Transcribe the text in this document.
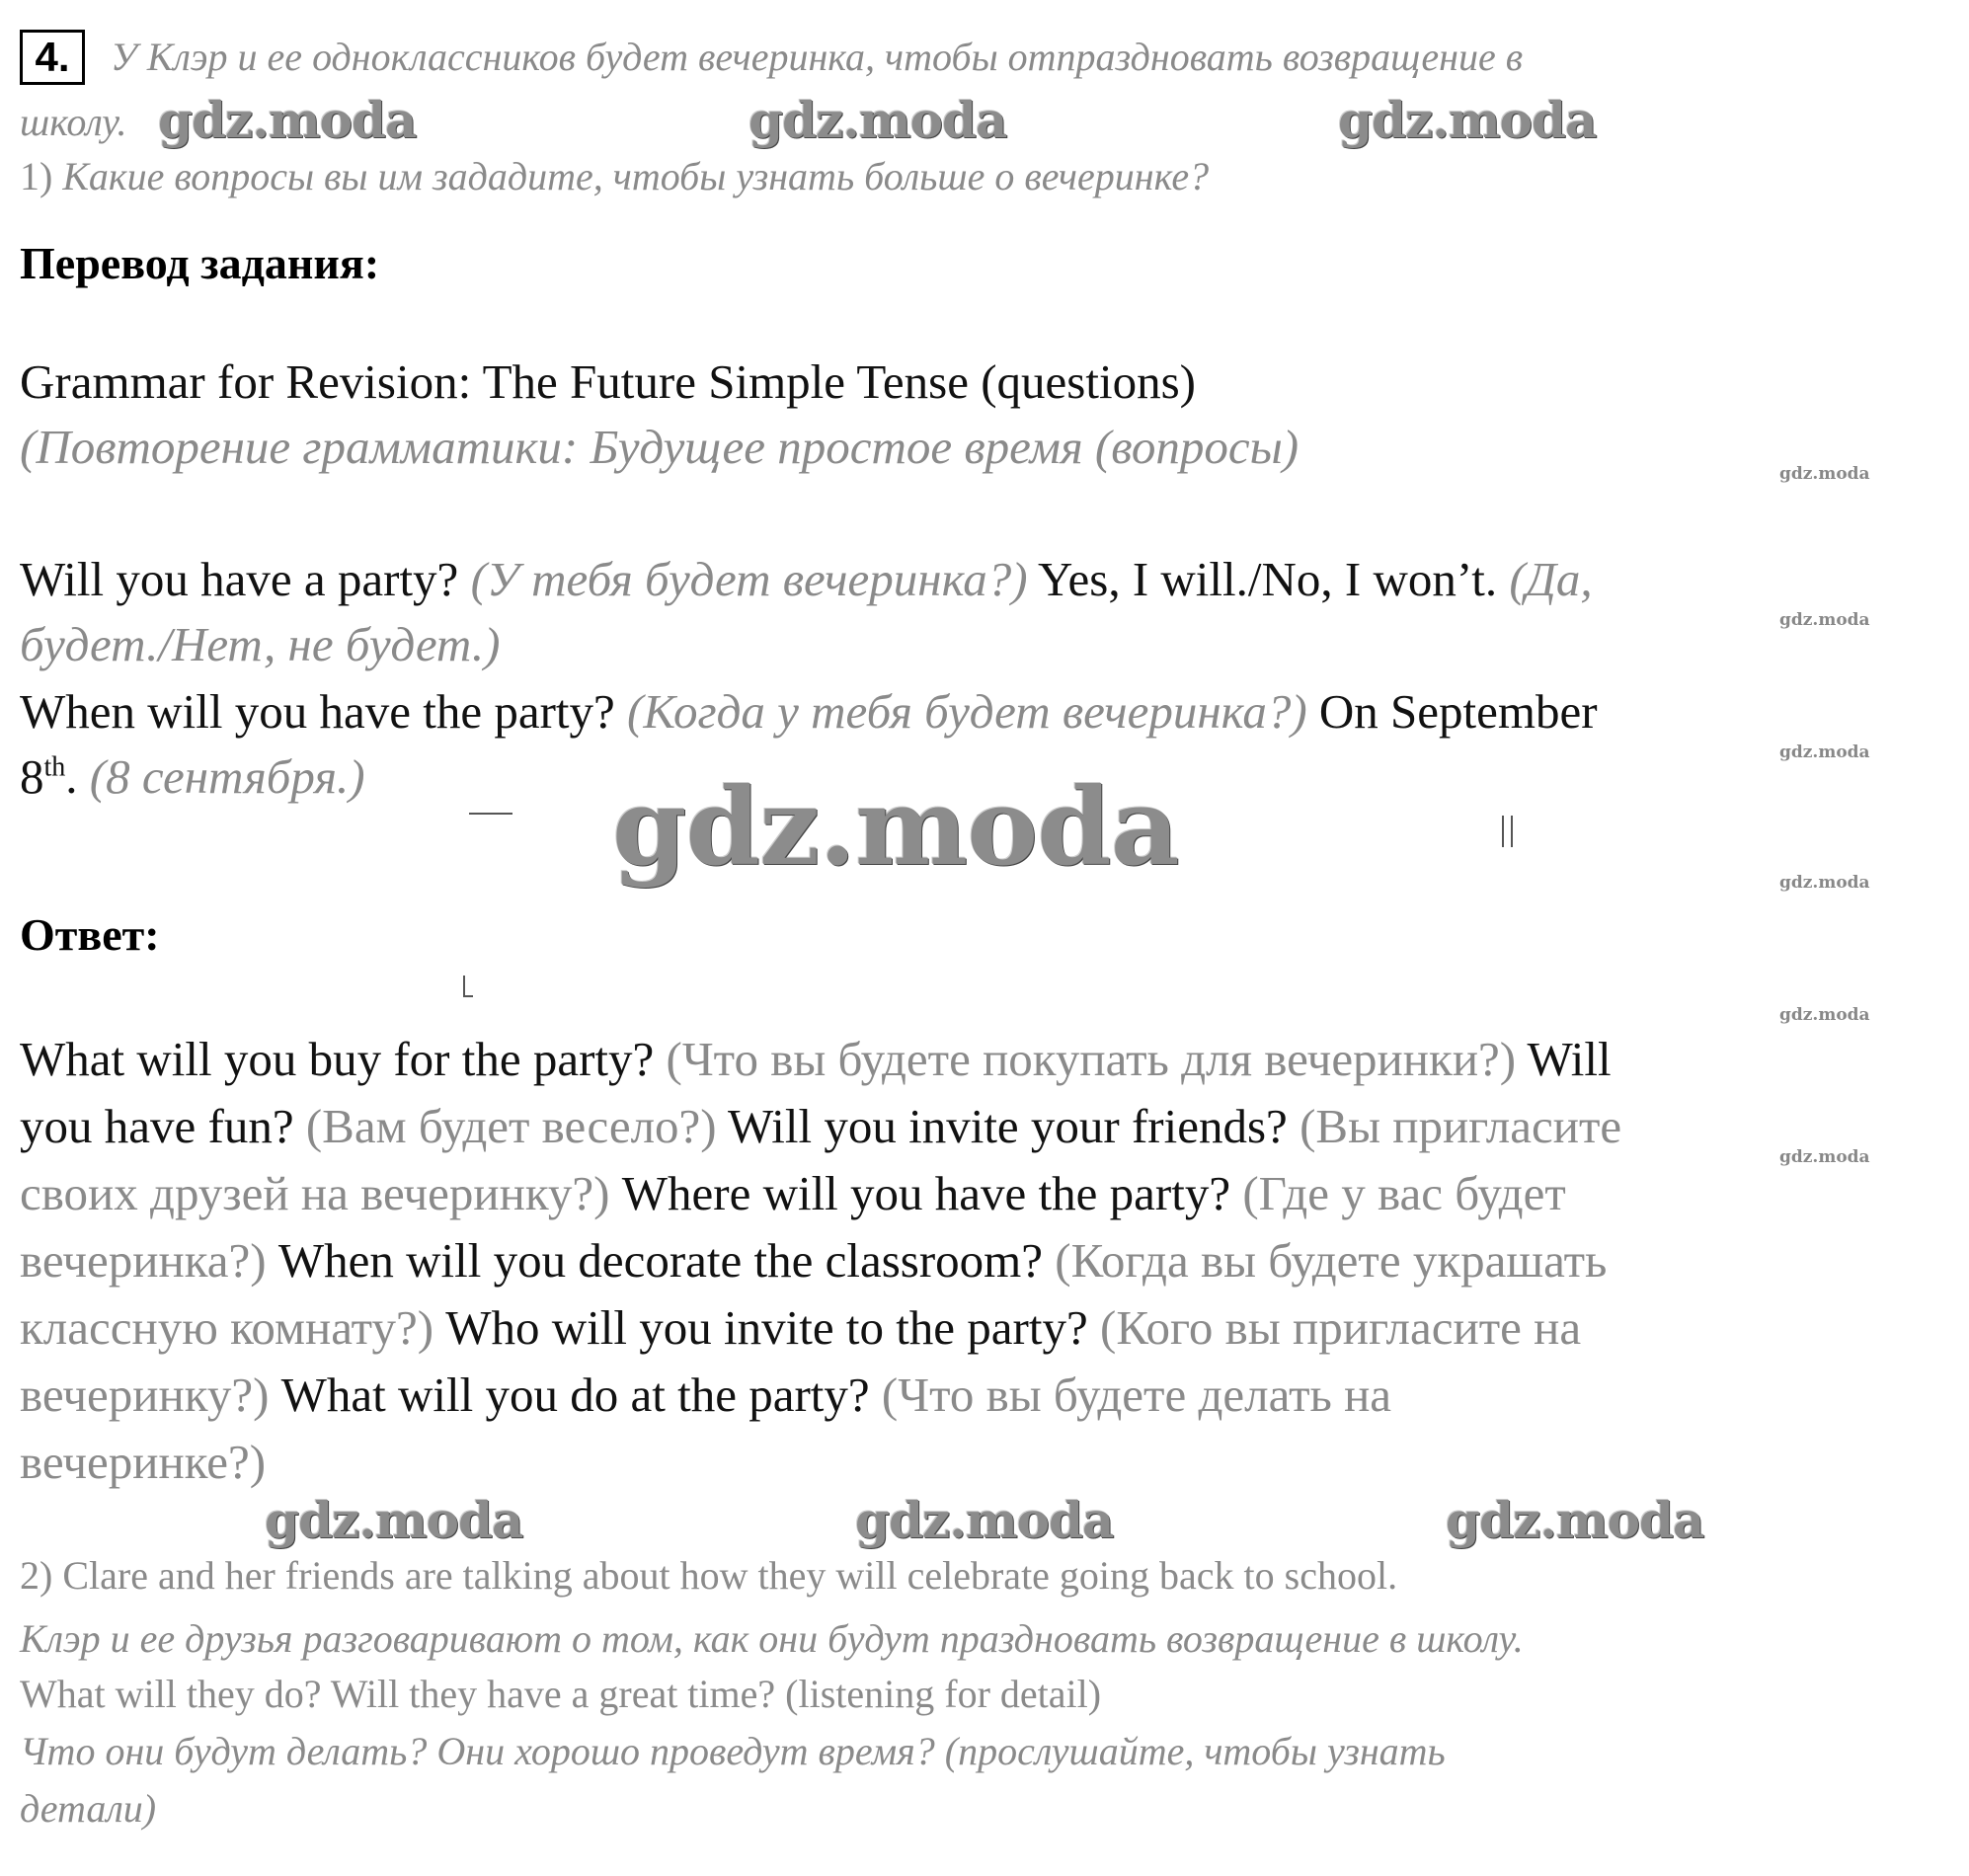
4.	У Клэр и ее одноклассников будет вечеринка, чтобы отпраздновать возвращение в
школу.
1) Какие вопросы вы им зададите, чтобы узнать больше о вечеринке?
gdz.moda	gdz.moda	gdz.moda
Перевод задания:
Grammar for Revision: The Future Simple Tense (questions)
(Повторение грамматики: Будущее простое время (вопросы)
Will you have a party? (У тебя будет вечеринка?) Yes, I will./No, I won’t. (Да,
будет./Нет, не будет.)
When will you have the party? (Когда у тебя будет вечеринка?) On September
8th. (8 сентября.) gdz.moda
gdz.moda
gdz.moda
gdz.moda
gdz.moda
gdz.moda
gdz.moda
Ответ:
What will you buy for the party? (Что вы будете покупать для вечеринки?) Will
you have fun? (Вам будет весело?) Will you invite your friends? (Вы пригласите
своих друзей на вечеринку?) Where will you have the party? (Где у вас будет
вечеринка?) When will you decorate the classroom? (Когда вы будете украшать
классную комнату?) Who will you invite to the party? (Кого вы пригласите на
вечеринку?) What will you do at the party? (Что вы будете делать на
вечеринке?)
gdz.moda	gdz.moda	gdz.moda
2) Clare and her friends are talking about how they will celebrate going back to school.
Клэр и ее друзья разговаривают о том, как они будут праздновать возвращение в школу.
What will they do? Will they have a great time? (listening for detail)
Что они будут делать? Они хорошо проведут время? (прослушайте, чтобы узнать
детали)
